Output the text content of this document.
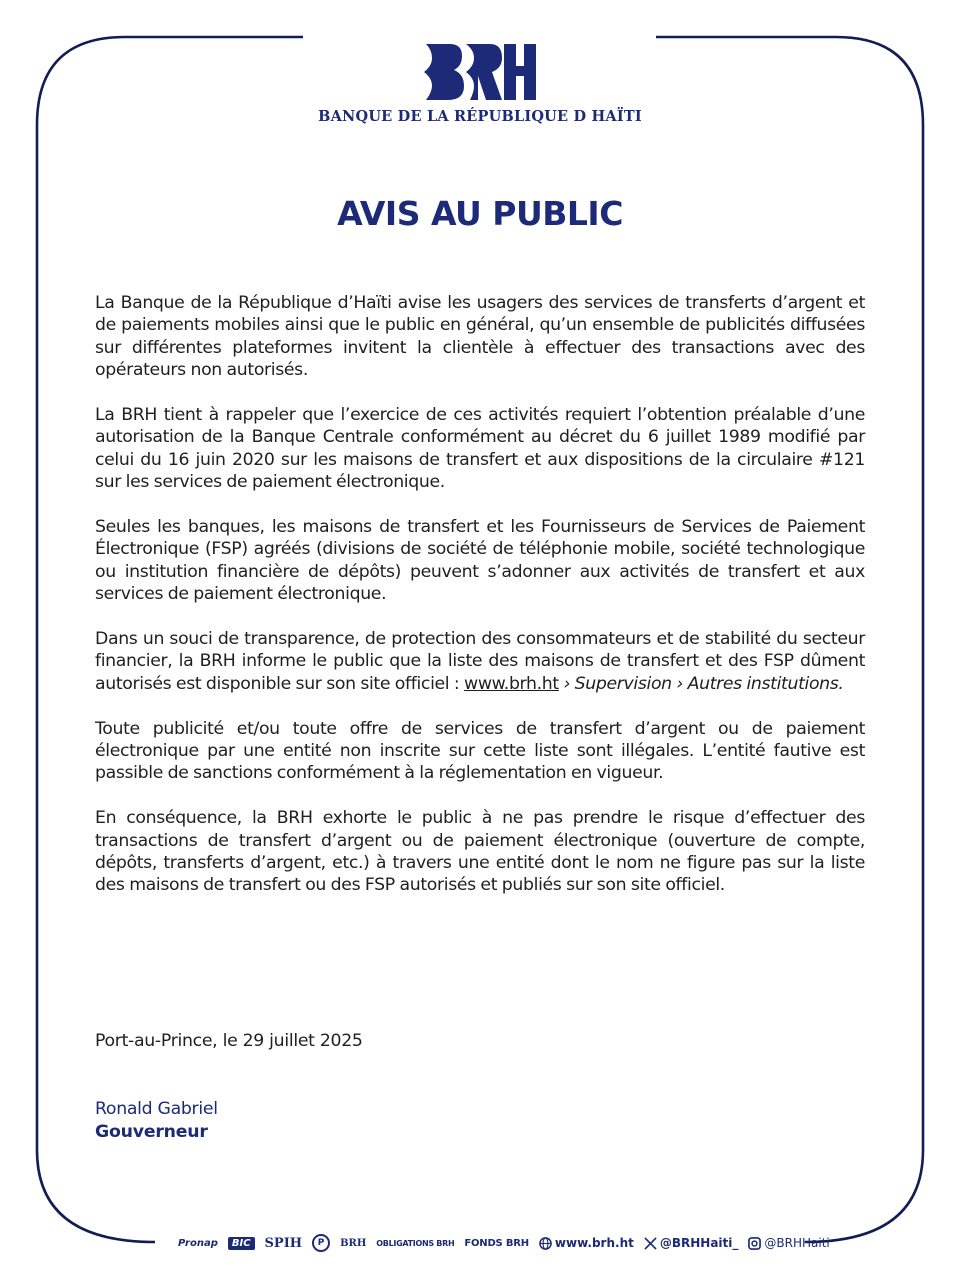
BANQUE DE LA RÉPUBLIQUE D HAÏTI
AVIS AU PUBLIC

La Banque de la République d’Haïti avise les usagers des services de transferts d’argent et de paiements mobiles ainsi que le public en général, qu’un ensemble de publicités diffusées sur différentes plateformes invitent la clientèle à effectuer des transactions avec des opérateurs non autorisés.

La BRH tient à rappeler que l’exercice de ces activités requiert l’obtention préalable d’une autorisation de la Banque Centrale conformément au décret du 6 juillet 1989 modifié par celui du 16 juin 2020 sur les maisons de transfert et aux dispositions de la circulaire #121 sur les services de paiement électronique.

Seules les banques, les maisons de transfert et les Fournisseurs de Services de Paiement Électronique (FSP) agréés (divisions de société de téléphonie mobile, société technologique ou institution financière de dépôts) peuvent s’adonner aux activités de transfert et aux services de paiement électronique.

Dans un souci de transparence, de protection des consommateurs et de stabilité du secteur financier, la BRH informe le public que la liste des maisons de transfert et des FSP dûment autorisés est disponible sur son site officiel : www.brh.ht › Supervision › Autres institutions.

Toute publicité et/ou toute offre de services de transfert d’argent ou de paiement électronique par une entité non inscrite sur cette liste sont illégales. L’entité fautive est passible de sanctions conformément à la réglementation en vigueur.

En conséquence, la BRH exhorte le public à ne pas prendre le risque d’effectuer des transactions de transfert d’argent ou de paiement électronique (ouverture de compte, dépôts, transferts d’argent, etc.) à travers une entité dont le nom ne figure pas sur la liste des maisons de transfert ou des FSP autorisés et publiés sur son site officiel.

Port-au-Prince, le 29 juillet 2025
Ronald Gabriel
Gouverneur
Pronap	BIC	SPIH	P	BRH OBLIGATIONS BRH FONDS BRH www.brh.ht @BRHHaiti_ @BRHHaiti
